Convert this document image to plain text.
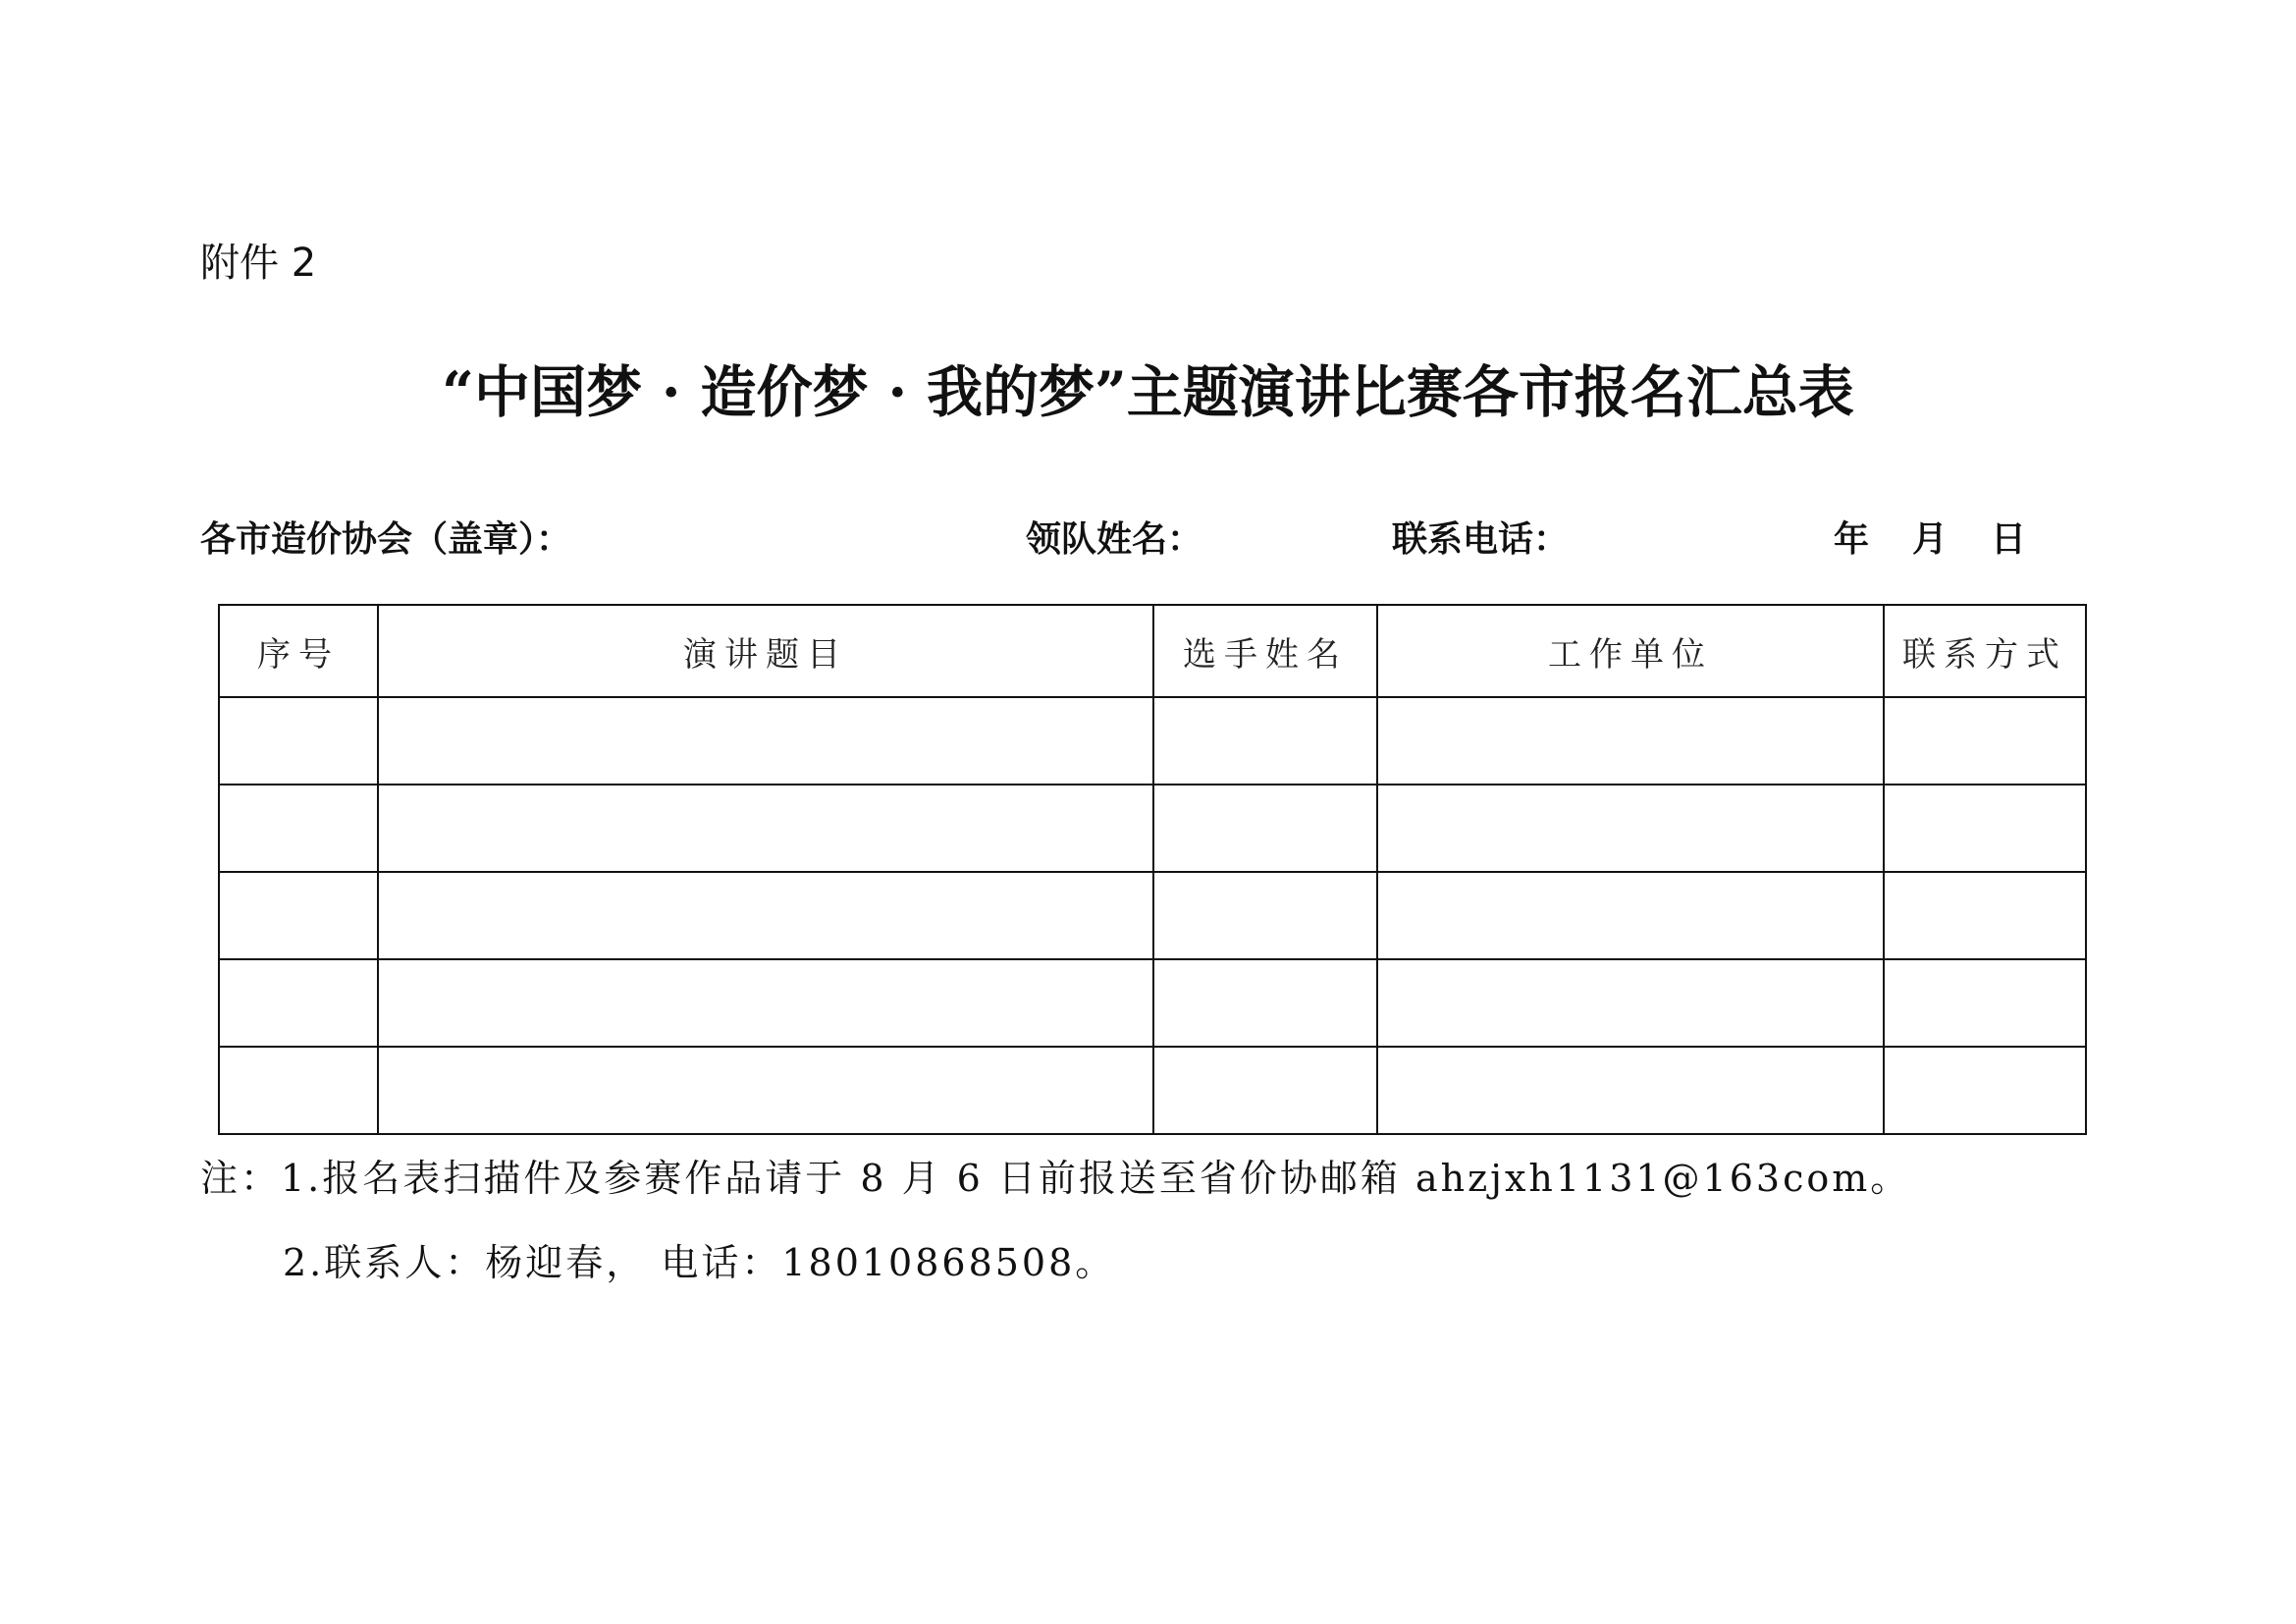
附件 2
“中国梦 · 造价梦 · 我的梦”主题演讲比赛各市报名汇总表
各市造价协会（盖章）：	领队姓名：	联系电话：	年 月 日
序号	演讲题目	选手姓名	工作单位	联系方式

注：1.报名表扫描件及参赛作品请于 8 月 6 日前报送至省价协邮箱 ahzjxh1131@163com。
2.联系人：杨迎春， 电话：18010868508。
